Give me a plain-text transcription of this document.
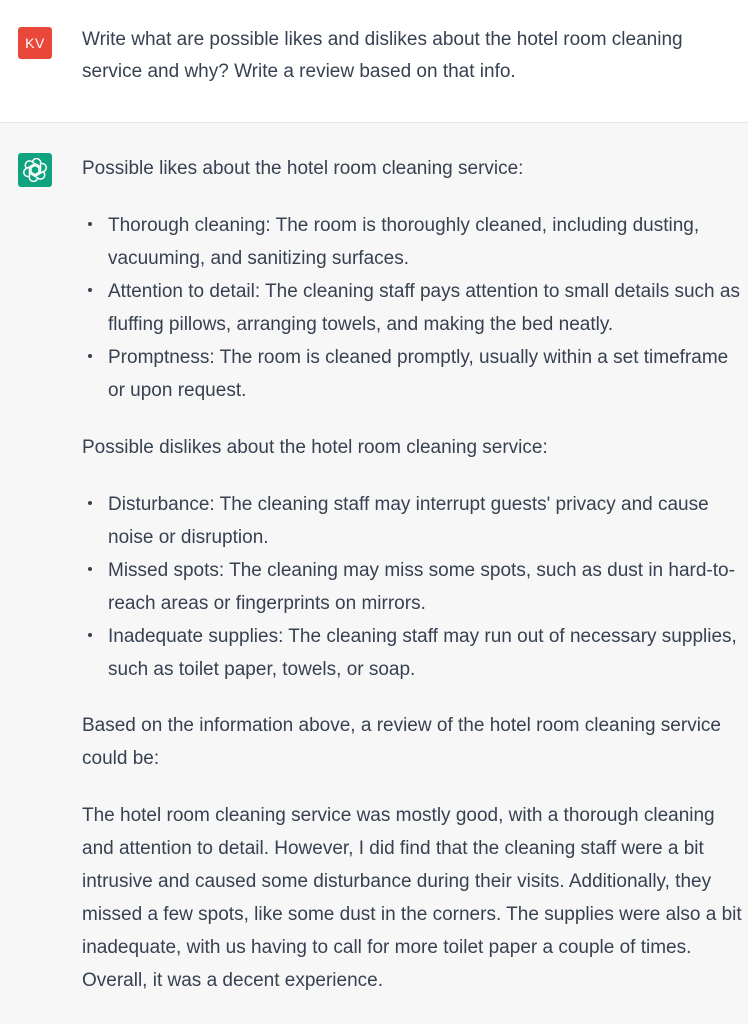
KV	Write what are possible likes and dislikes about the hotel room cleaning service and why? Write a review based on that info.

Possible likes about the hotel room cleaning service:

Thorough cleaning: The room is thoroughly cleaned, including dusting, vacuuming, and sanitizing surfaces.
Attention to detail: The cleaning staff pays attention to small details such as fluffing pillows, arranging towels, and making the bed neatly.
Promptness: The room is cleaned promptly, usually within a set timeframe or upon request.

Possible dislikes about the hotel room cleaning service:

Disturbance: The cleaning staff may interrupt guests' privacy and cause noise or disruption.
Missed spots: The cleaning may miss some spots, such as dust in hard-to-reach areas or fingerprints on mirrors.
Inadequate supplies: The cleaning staff may run out of necessary supplies, such as toilet paper, towels, or soap.

Based on the information above, a review of the hotel room cleaning service could be:

The hotel room cleaning service was mostly good, with a thorough cleaning and attention to detail. However, I did find that the cleaning staff were a bit intrusive and caused some disturbance during their visits. Additionally, they missed a few spots, like some dust in the corners. The supplies were also a bit inadequate, with us having to call for more toilet paper a couple of times. Overall, it was a decent experience.
